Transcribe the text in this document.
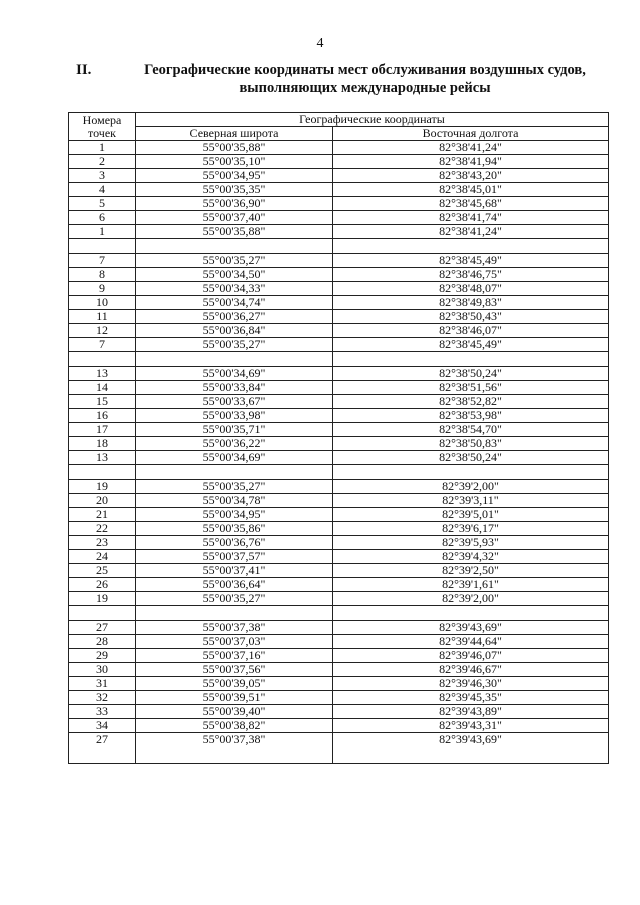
4
II.	Географические координаты мест обслуживания воздушных судов,
выполняющих международные рейсы
Номера
точек	Географические координаты	
	Северная широта	Восточная долгота
1	55°00'35,88"	82°38'41,24"
2	55°00'35,10"	82°38'41,94"
3	55°00'34,95"	82°38'43,20"
4	55°00'35,35"	82°38'45,01"
5	55°00'36,90"	82°38'45,68"
6	55°00'37,40"	82°38'41,74"
1	55°00'35,88"	82°38'41,24"

7	55°00'35,27"	82°38'45,49"
8	55°00'34,50"	82°38'46,75"
9	55°00'34,33"	82°38'48,07"
10	55°00'34,74"	82°38'49,83"
11	55°00'36,27"	82°38'50,43"
12	55°00'36,84"	82°38'46,07"
7	55°00'35,27"	82°38'45,49"

13	55°00'34,69"	82°38'50,24"
14	55°00'33,84"	82°38'51,56"
15	55°00'33,67"	82°38'52,82"
16	55°00'33,98"	82°38'53,98"
17	55°00'35,71"	82°38'54,70"
18	55°00'36,22"	82°38'50,83"
13	55°00'34,69"	82°38'50,24"

19	55°00'35,27"	82°39'2,00"
20	55°00'34,78"	82°39'3,11"
21	55°00'34,95"	82°39'5,01"
22	55°00'35,86"	82°39'6,17"
23	55°00'36,76"	82°39'5,93"
24	55°00'37,57"	82°39'4,32"
25	55°00'37,41"	82°39'2,50"
26	55°00'36,64"	82°39'1,61"
19	55°00'35,27"	82°39'2,00"

27	55°00'37,38"	82°39'43,69"
28	55°00'37,03"	82°39'44,64"
29	55°00'37,16"	82°39'46,07"
30	55°00'37,56"	82°39'46,67"
31	55°00'39,05"	82°39'46,30"
32	55°00'39,51"	82°39'45,35"
33	55°00'39,40"	82°39'43,89"
34	55°00'38,82"	82°39'43,31"
27	55°00'37,38"	82°39'43,69"
